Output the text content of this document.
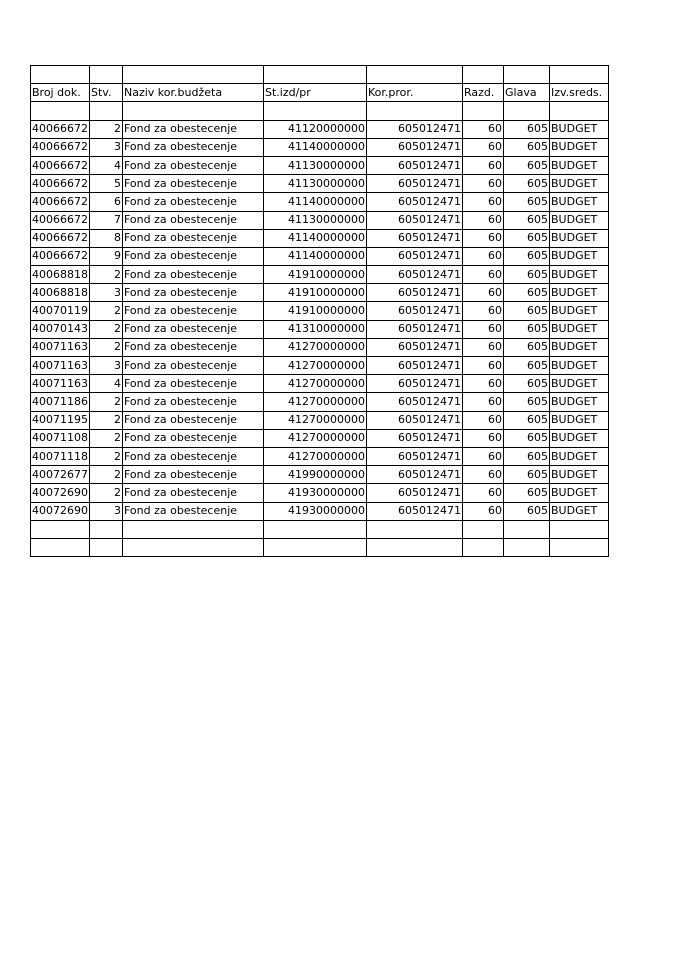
Broj dok.	Stv.	Naziv kor.budžeta	St.izd/pr	Kor.pror.	Razd.	Glava	Izv.sreds.

40066672	2	Fond za obestecenje	41120000000	605012471	60	605	BUDGET
40066672	3	Fond za obestecenje	41140000000	605012471	60	605	BUDGET
40066672	4	Fond za obestecenje	41130000000	605012471	60	605	BUDGET
40066672	5	Fond za obestecenje	41130000000	605012471	60	605	BUDGET
40066672	6	Fond za obestecenje	41140000000	605012471	60	605	BUDGET
40066672	7	Fond za obestecenje	41130000000	605012471	60	605	BUDGET
40066672	8	Fond za obestecenje	41140000000	605012471	60	605	BUDGET
40066672	9	Fond za obestecenje	41140000000	605012471	60	605	BUDGET
40068818	2	Fond za obestecenje	41910000000	605012471	60	605	BUDGET
40068818	3	Fond za obestecenje	41910000000	605012471	60	605	BUDGET
40070119	2	Fond za obestecenje	41910000000	605012471	60	605	BUDGET
40070143	2	Fond za obestecenje	41310000000	605012471	60	605	BUDGET
40071163	2	Fond za obestecenje	41270000000	605012471	60	605	BUDGET
40071163	3	Fond za obestecenje	41270000000	605012471	60	605	BUDGET
40071163	4	Fond za obestecenje	41270000000	605012471	60	605	BUDGET
40071186	2	Fond za obestecenje	41270000000	605012471	60	605	BUDGET
40071195	2	Fond za obestecenje	41270000000	605012471	60	605	BUDGET
40071108	2	Fond za obestecenje	41270000000	605012471	60	605	BUDGET
40071118	2	Fond za obestecenje	41270000000	605012471	60	605	BUDGET
40072677	2	Fond za obestecenje	41990000000	605012471	60	605	BUDGET
40072690	2	Fond za obestecenje	41930000000	605012471	60	605	BUDGET
40072690	3	Fond za obestecenje	41930000000	605012471	60	605	BUDGET
